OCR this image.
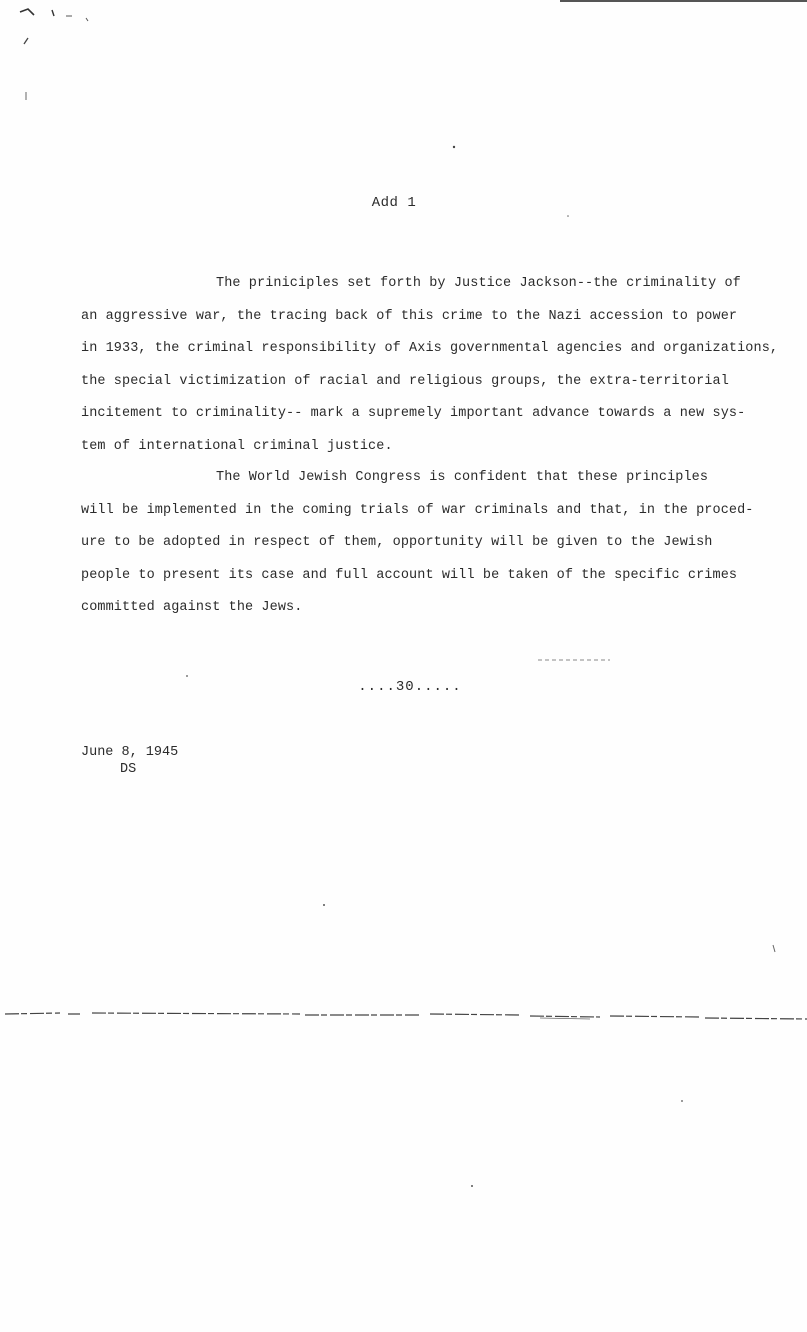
Add 1
The priniciples set forth by Justice Jackson--the criminality of
an aggressive war, the tracing back of this crime to the Nazi accession to power
in 1933, the criminal responsibility of Axis governmental agencies and organizations,
the special victimization of racial and religious groups, the extra-territorial
incitement to criminality-- mark a supremely important advance towards a new sys-
tem of international criminal justice.
The World Jewish Congress is confident that these principles
will be implemented in the coming trials of war criminals and that, in the proced-
ure to be adopted in respect of them, opportunity will be given to the Jewish
people to present its case and full account will be taken of the specific crimes
committed against the Jews.
....30.....
June 8, 1945
DS
